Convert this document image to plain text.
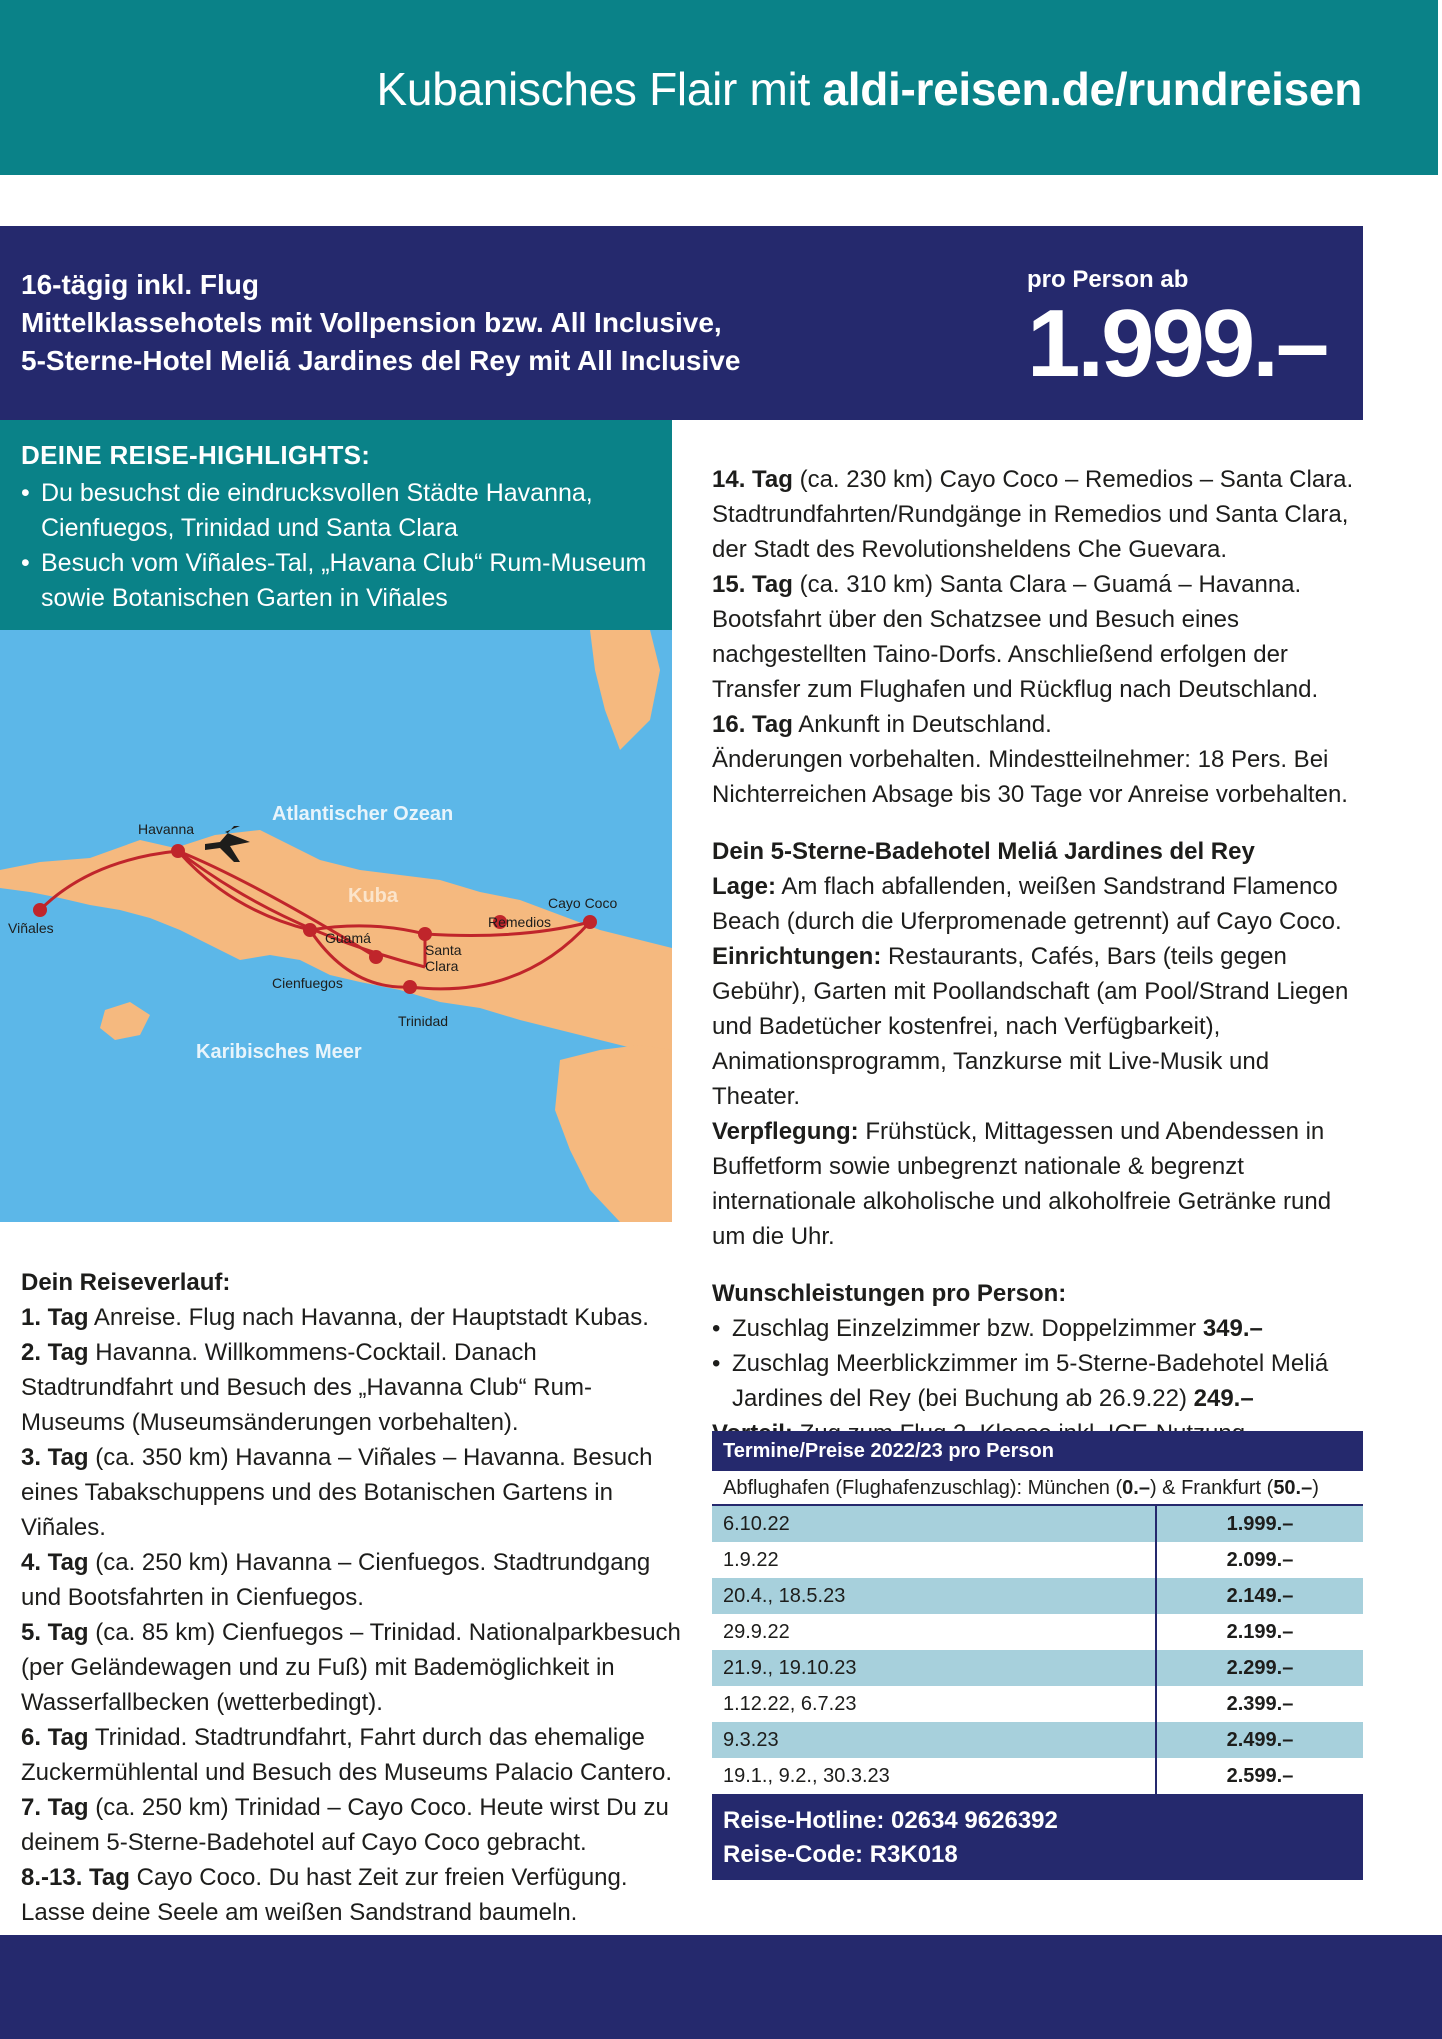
Kubanisches Flair mit aldi-reisen.de/rundreisen
16-tägig inkl. Flug
Mittelklassehotels mit Vollpension bzw. All Inclusive,
5-Sterne-Hotel Meliá Jardines del Rey mit All Inclusive
pro Person ab
1.999.–
DEINE REISE-HIGHLIGHTS:
• Du besuchst die eindrucksvollen Städte Havanna, Cienfuegos, Trinidad und Santa Clara
• Besuch vom Viñales-Tal, „Havana Club“ Rum-Museum sowie Botanischen Garten in Viñales
Atlantischer Ozean
Karibisches Meer
Kuba
Havanna
Viñales
Guamá
Santa
Clara
Remedios
Cayo Coco
Cienfuegos
Trinidad
Dein Reiseverlauf:
1. Tag Anreise. Flug nach Havanna, der Hauptstadt Kubas.
2. Tag Havanna. Willkommens-Cocktail. Danach Stadtrundfahrt und Besuch des „Havanna Club“ Rum-Museums (Museumsänderungen vorbehalten).
3. Tag (ca. 350 km) Havanna – Viñales – Havanna. Besuch eines Tabakschuppens und des Botanischen Gartens in Viñales.
4. Tag (ca. 250 km) Havanna – Cienfuegos. Stadtrundgang und Bootsfahrten in Cienfuegos.
5. Tag (ca. 85 km) Cienfuegos – Trinidad. Nationalparkbesuch (per Geländewagen und zu Fuß) mit Bademöglichkeit in Wasserfallbecken (wetterbedingt).
6. Tag Trinidad. Stadtrundfahrt, Fahrt durch das ehemalige Zuckermühlental und Besuch des Museums Palacio Cantero.
7. Tag (ca. 250 km) Trinidad – Cayo Coco. Heute wirst Du zu deinem 5-Sterne-Badehotel auf Cayo Coco gebracht.
8.-13. Tag Cayo Coco. Du hast Zeit zur freien Verfügung. Lasse deine Seele am weißen Sandstrand baumeln.
14. Tag (ca. 230 km) Cayo Coco – Remedios – Santa Clara. Stadtrundfahrten/Rundgänge in Remedios und Santa Clara, der Stadt des Revolutionsheldens Che Guevara.
15. Tag (ca. 310 km) Santa Clara – Guamá – Havanna. Bootsfahrt über den Schatzsee und Besuch eines nachgestellten Taino-Dorfs. Anschließend erfolgen der Transfer zum Flughafen und Rückflug nach Deutschland.
16. Tag Ankunft in Deutschland.
Änderungen vorbehalten. Mindestteilnehmer: 18 Pers. Bei Nichterreichen Absage bis 30 Tage vor Anreise vorbehalten.
Dein 5-Sterne-Badehotel Meliá Jardines del Rey
Lage: Am flach abfallenden, weißen Sandstrand Flamenco Beach (durch die Uferpromenade getrennt) auf Cayo Coco.
Einrichtungen: Restaurants, Cafés, Bars (teils gegen Gebühr), Garten mit Poollandschaft (am Pool/Strand Liegen und Badetücher kostenfrei, nach Verfügbarkeit), Animationsprogramm, Tanzkurse mit Live-Musik und Theater.
Verpflegung: Frühstück, Mittagessen und Abendessen in Buffetform sowie unbegrenzt nationale & begrenzt internationale alkoholische und alkoholfreie Getränke rund um die Uhr.
Wunschleistungen pro Person:
• Zuschlag Einzelzimmer bzw. Doppelzimmer 349.–
• Zuschlag Meerblickzimmer im 5-Sterne-Badehotel Meliá Jardines del Rey (bei Buchung ab 26.9.22) 249.–
Termine/Preise 2022/23 pro Person
Abflughafen (Flughafenzuschlag): München (0.–) & Frankfurt (50.–)
6.10.22	1.999.–
1.9.22	2.099.–
20.4., 18.5.23	2.149.–
29.9.22	2.199.–
21.9., 19.10.23	2.299.–
1.12.22, 6.7.23	2.399.–
9.3.23	2.499.–
19.1., 9.2., 30.3.23	2.599.–
Reise-Hotline: 02634 9626392
Reise-Code: R3K018
